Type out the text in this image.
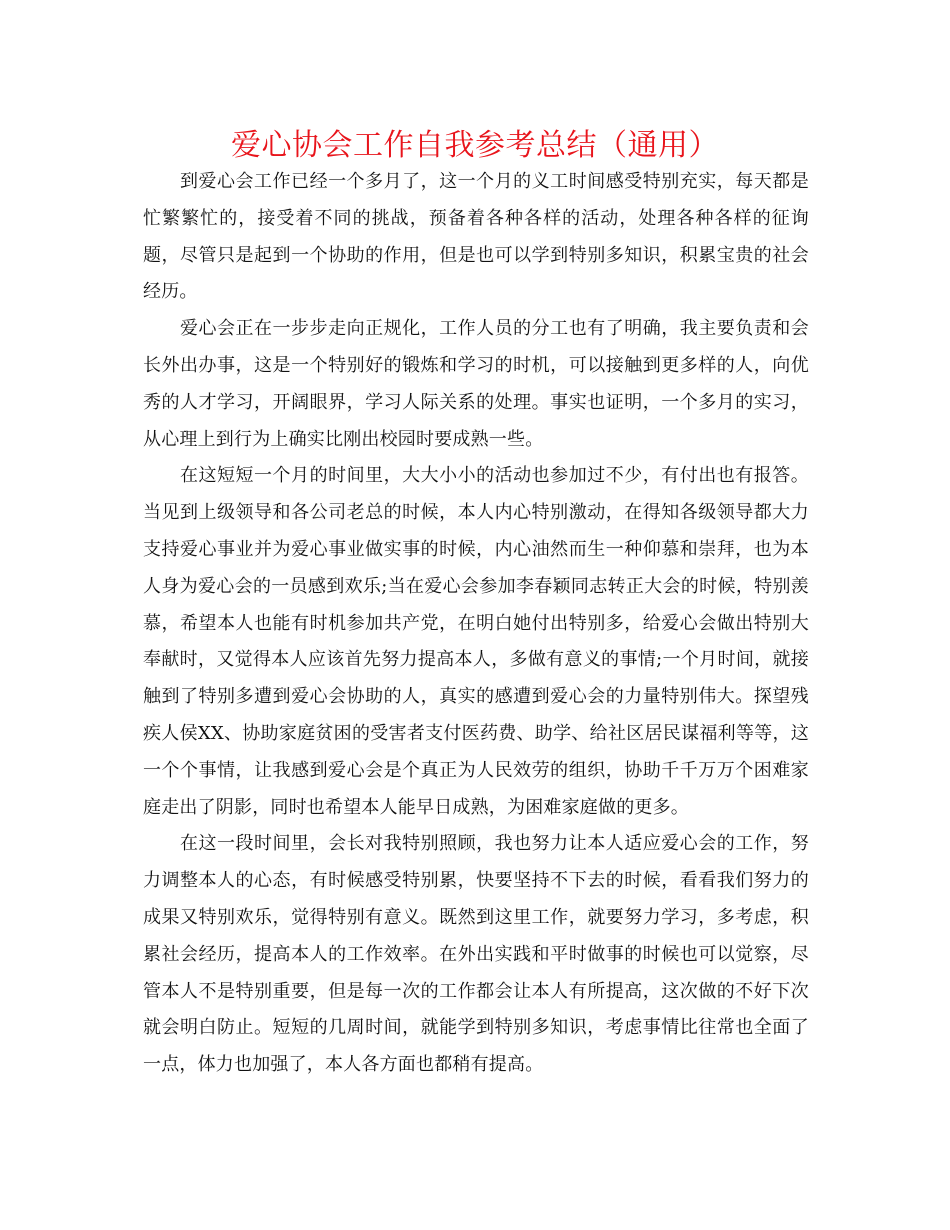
爱心协会工作自我参考总结（通用）

到爱心会工作已经一个多月了，这一个月的义工时间感受特别充实，每天都是忙繁繁忙的，接受着不同的挑战，预备着各种各样的活动，处理各种各样的征询题，尽管只是起到一个协助的作用，但是也可以学到特别多知识，积累宝贵的社会经历。

爱心会正在一步步走向正规化，工作人员的分工也有了明确，我主要负责和会长外出办事，这是一个特别好的锻炼和学习的时机，可以接触到更多样的人，向优秀的人才学习，开阔眼界，学习人际关系的处理。事实也证明，一个多月的实习，从心理上到行为上确实比刚出校园时要成熟一些。

在这短短一个月的时间里，大大小小的活动也参加过不少，有付出也有报答。当见到上级领导和各公司老总的时候，本人内心特别激动，在得知各级领导都大力支持爱心事业并为爱心事业做实事的时候，内心油然而生一种仰慕和崇拜，也为本人身为爱心会的一员感到欢乐;当在爱心会参加李春颖同志转正大会的时候，特别羡慕，希望本人也能有时机参加共产党，在明白她付出特别多，给爱心会做出特别大奉献时，又觉得本人应该首先努力提高本人，多做有意义的事情;一个月时间，就接触到了特别多遭到爱心会协助的人，真实的感遭到爱心会的力量特别伟大。探望残疾人侯XX、协助家庭贫困的受害者支付医药费、助学、给社区居民谋福利等等，这一个个事情，让我感到爱心会是个真正为人民效劳的组织，协助千千万万个困难家庭走出了阴影，同时也希望本人能早日成熟，为困难家庭做的更多。

在这一段时间里，会长对我特别照顾，我也努力让本人适应爱心会的工作，努力调整本人的心态，有时候感受特别累，快要坚持不下去的时候，看看我们努力的成果又特别欢乐，觉得特别有意义。既然到这里工作，就要努力学习，多考虑，积累社会经历，提高本人的工作效率。在外出实践和平时做事的时候也可以觉察，尽管本人不是特别重要，但是每一次的工作都会让本人有所提高，这次做的不好下次就会明白防止。短短的几周时间，就能学到特别多知识，考虑事情比往常也全面了一点，体力也加强了，本人各方面也都稍有提高。
